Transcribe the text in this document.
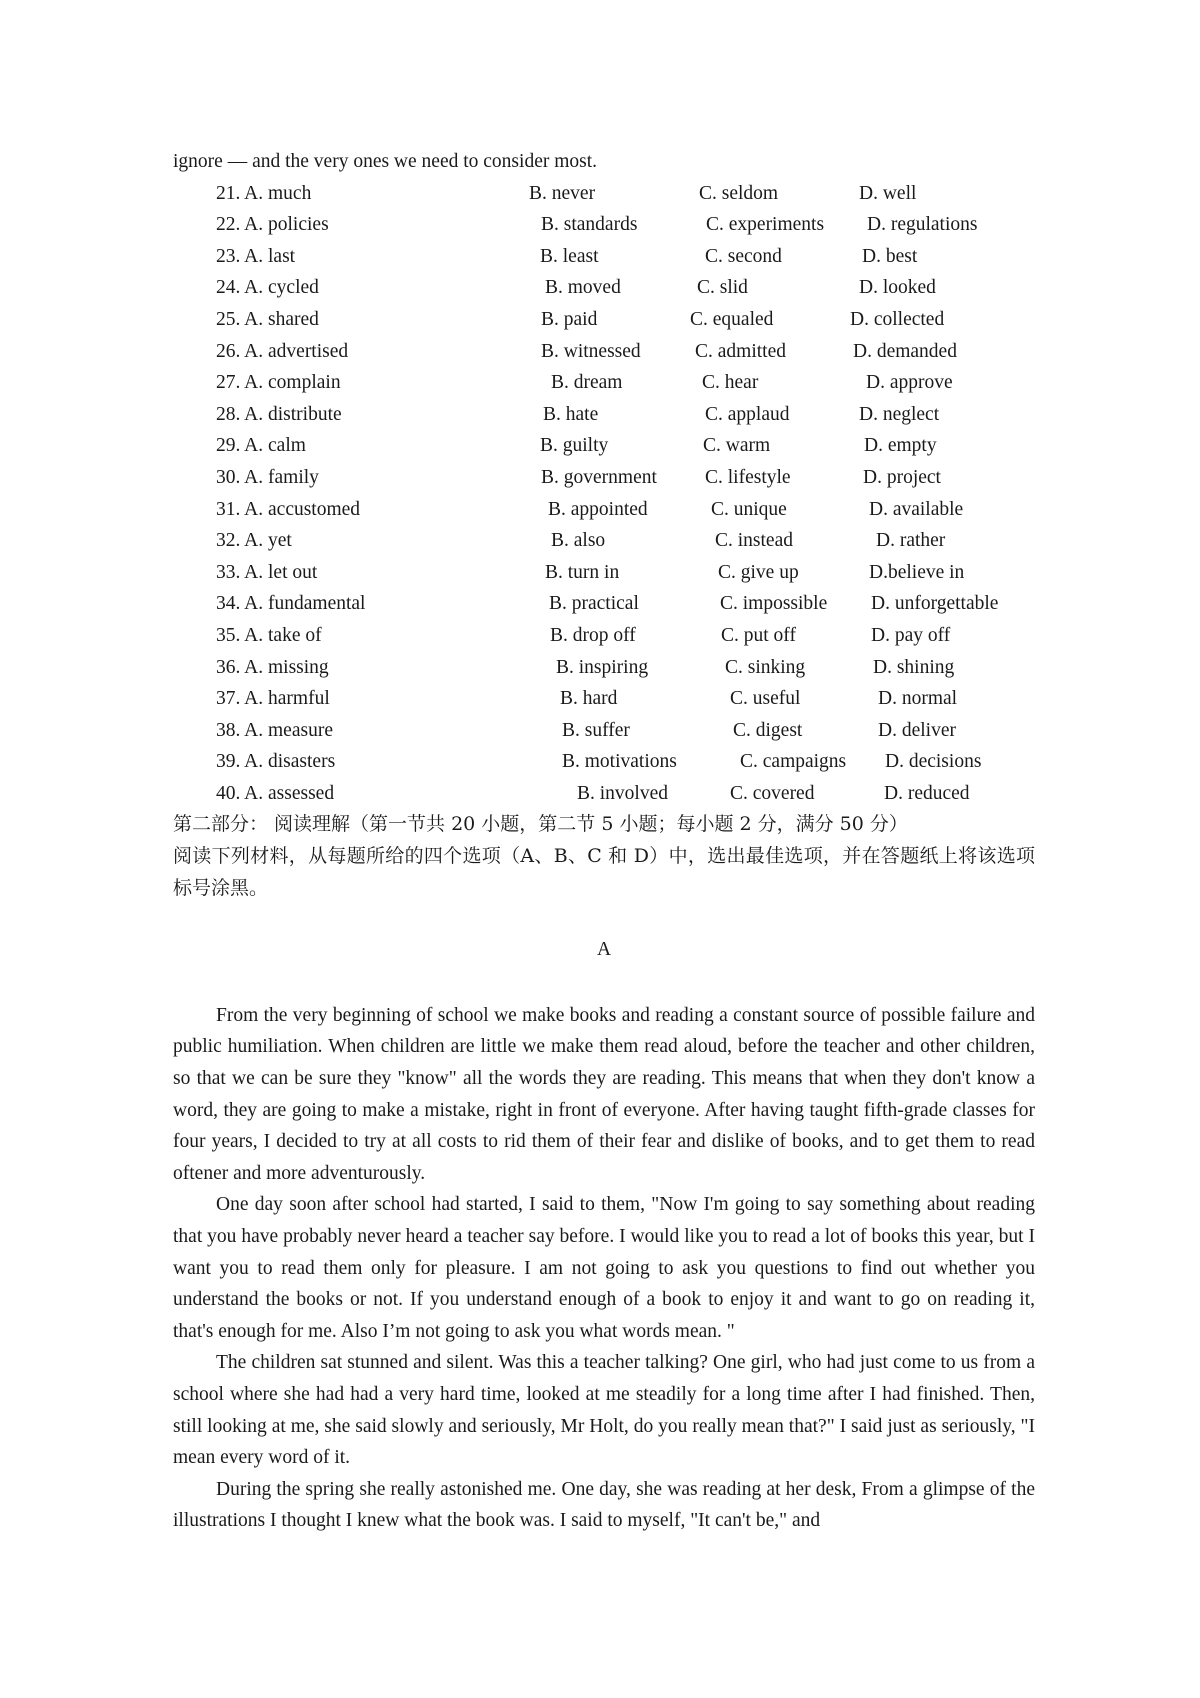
ignore — and the very ones we need to consider most.
21. A. much	B. never	C. seldom	D. well
22. A. policies	B. standards	C. experiments D. regulations
23. A. last	B. least	C. second	D. best
24. A. cycled	B. moved	C. slid	D. looked
25. A. shared	B. paid	C. equaled	D. collected
26. A. advertised	B. witnessed	C. admitted	D. demanded
27. A. complain	B. dream	C. hear	D. approve
28. A. distribute	B. hate	C. applaud	D. neglect
29. A. calm	B. guilty	C. warm	D. empty
30. A. family	B. government C. lifestyle	D. project
31. A. accustomed	B. appointed	C. unique	D. available
32. A. yet	B. also	C. instead	D. rather
33. A. let out	B. turn in	C. give up	D.believe in
34. A. fundamental	B. practical	C. impossible D. unforgettable
35. A. take of	B. drop off	C. put off	D. pay off
36. A. missing	B. inspiring	C. sinking	D. shining
37. A. harmful	B. hard	C. useful	D. normal
38. A. measure	B. suffer	C. digest	D. deliver
39. A. disasters	B. motivations	C. campaigns D. decisions
40. A. assessed	B. involved	C. covered	D. reduced
第二部分： 阅读理解（第一节共 20 小题，第二节 5 小题；每小题 2 分，满分 50 分）
阅读下列材料，从每题所给的四个选项（A、B、C 和 D）中，选出最佳选项，并在答题纸上将该选项标号涂黑。
A

From the very beginning of school we make books and reading a constant source of possible failure and public humiliation. When children are little we make them read aloud, before the teacher and other children, so that we can be sure they "know" all the words they are reading. This means that when they don't know a word, they are going to make a mistake, right in front of everyone. After having taught fifth-grade classes for four years, I decided to try at all costs to rid them of their fear and dislike of books, and to get them to read oftener and more adventurously.

One day soon after school had started, I said to them, "Now I'm going to say something about reading that you have probably never heard a teacher say before. I would like you to read a lot of books this year, but I want you to read them only for pleasure. I am not going to ask you questions to find out whether you understand the books or not. If you understand enough of a book to enjoy it and want to go on reading it, that's enough for me. Also I’m not going to ask you what words mean. "

The children sat stunned and silent. Was this a teacher talking? One girl, who had just come to us from a school where she had had a very hard time, looked at me steadily for a long time after I had finished. Then, still looking at me, she said slowly and seriously, Mr Holt, do you really mean that?" I said just as seriously, "I mean every word of it.

During the spring she really astonished me. One day, she was reading at her desk, From a glimpse of the illustrations I thought I knew what the book was. I said to myself, "It can't be," and
